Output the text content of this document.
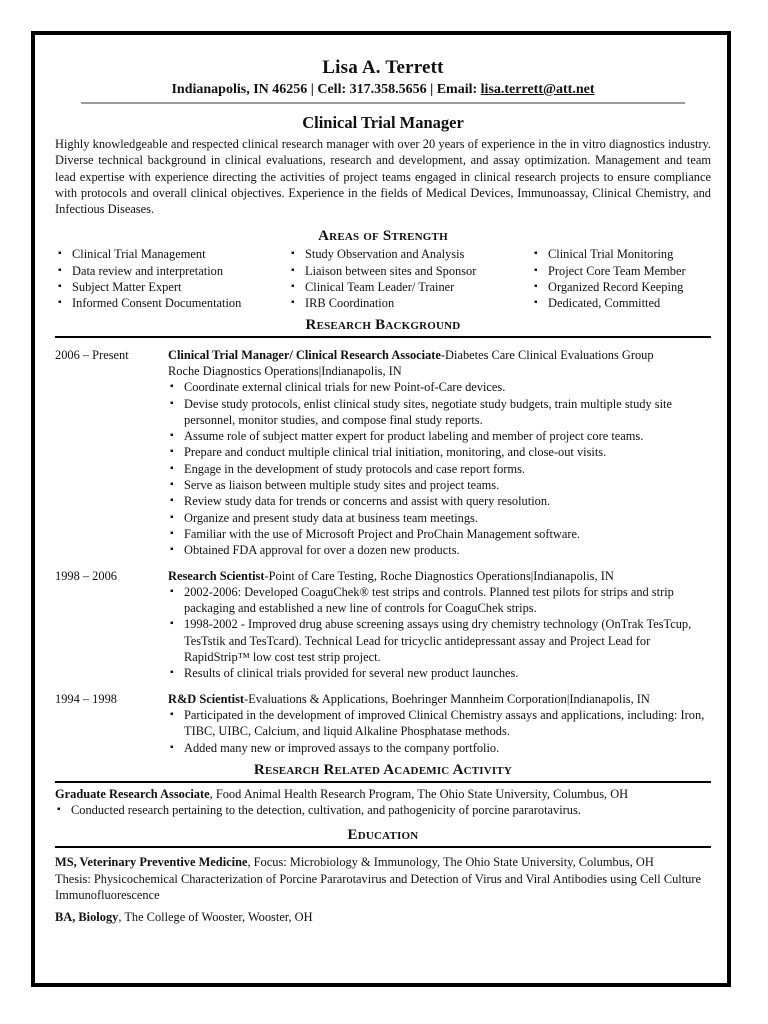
Lisa A. Terrett
Indianapolis, IN 46256 | Cell: 317.358.5656 | Email: lisa.terrett@att.net
Clinical Trial Manager
Highly knowledgeable and respected clinical research manager with over 20 years of experience in the in vitro diagnostics industry. Diverse technical background in clinical evaluations, research and development, and assay optimization. Management and team lead expertise with experience directing the activities of project teams engaged in clinical research projects to ensure compliance with protocols and overall clinical objectives. Experience in the fields of Medical Devices, Immunoassay, Clinical Chemistry, and Infectious Diseases.
Areas of Strength
▪ Clinical Trial Management
▪ Data review and interpretation
▪ Subject Matter Expert
▪ Informed Consent Documentation
▪ Study Observation and Analysis
▪ Liaison between sites and Sponsor
▪ Clinical Team Leader/ Trainer
▪ IRB Coordination
▪ Clinical Trial Monitoring
▪ Project Core Team Member
▪ Organized Record Keeping
▪ Dedicated, Committed
Research Background
2006 – Present	Clinical Trial Manager/ Clinical Research Associate-Diabetes Care Clinical Evaluations Group
Roche Diagnostics Operations|Indianapolis, IN
▪ Coordinate external clinical trials for new Point-of-Care devices.
▪ Devise study protocols, enlist clinical study sites, negotiate study budgets, train multiple study site personnel, monitor studies, and compose final study reports.
▪ Assume role of subject matter expert for product labeling and member of project core teams.
▪ Prepare and conduct multiple clinical trial initiation, monitoring, and close-out visits.
▪ Engage in the development of study protocols and case report forms.
▪ Serve as liaison between multiple study sites and project teams.
▪ Review study data for trends or concerns and assist with query resolution.
▪ Organize and present study data at business team meetings.
▪ Familiar with the use of Microsoft Project and ProChain Management software.
▪ Obtained FDA approval for over a dozen new products.
1998 – 2006	Research Scientist-Point of Care Testing, Roche Diagnostics Operations|Indianapolis, IN
▪ 2002-2006: Developed CoaguChek® test strips and controls. Planned test pilots for strips and strip packaging and established a new line of controls for CoaguChek strips.
▪ 1998-2002 - Improved drug abuse screening assays using dry chemistry technology (OnTrak TesTcup, TesTstik and TesTcard). Technical Lead for tricyclic antidepressant assay and Project Lead for RapidStrip™ low cost test strip project.
▪ Results of clinical trials provided for several new product launches.
1994 – 1998	R&D Scientist-Evaluations & Applications, Boehringer Mannheim Corporation|Indianapolis, IN
▪ Participated in the development of improved Clinical Chemistry assays and applications, including: Iron, TIBC, UIBC, Calcium, and liquid Alkaline Phosphatase methods.
▪ Added many new or improved assays to the company portfolio.
Research Related Academic Activity
Graduate Research Associate, Food Animal Health Research Program, The Ohio State University, Columbus, OH
▪ Conducted research pertaining to the detection, cultivation, and pathogenicity of porcine pararotavirus.
Education
MS, Veterinary Preventive Medicine, Focus: Microbiology & Immunology, The Ohio State University, Columbus, OH
Thesis: Physicochemical Characterization of Porcine Pararotavirus and Detection of Virus and Viral Antibodies using Cell Culture Immunofluorescence
BA, Biology, The College of Wooster, Wooster, OH
